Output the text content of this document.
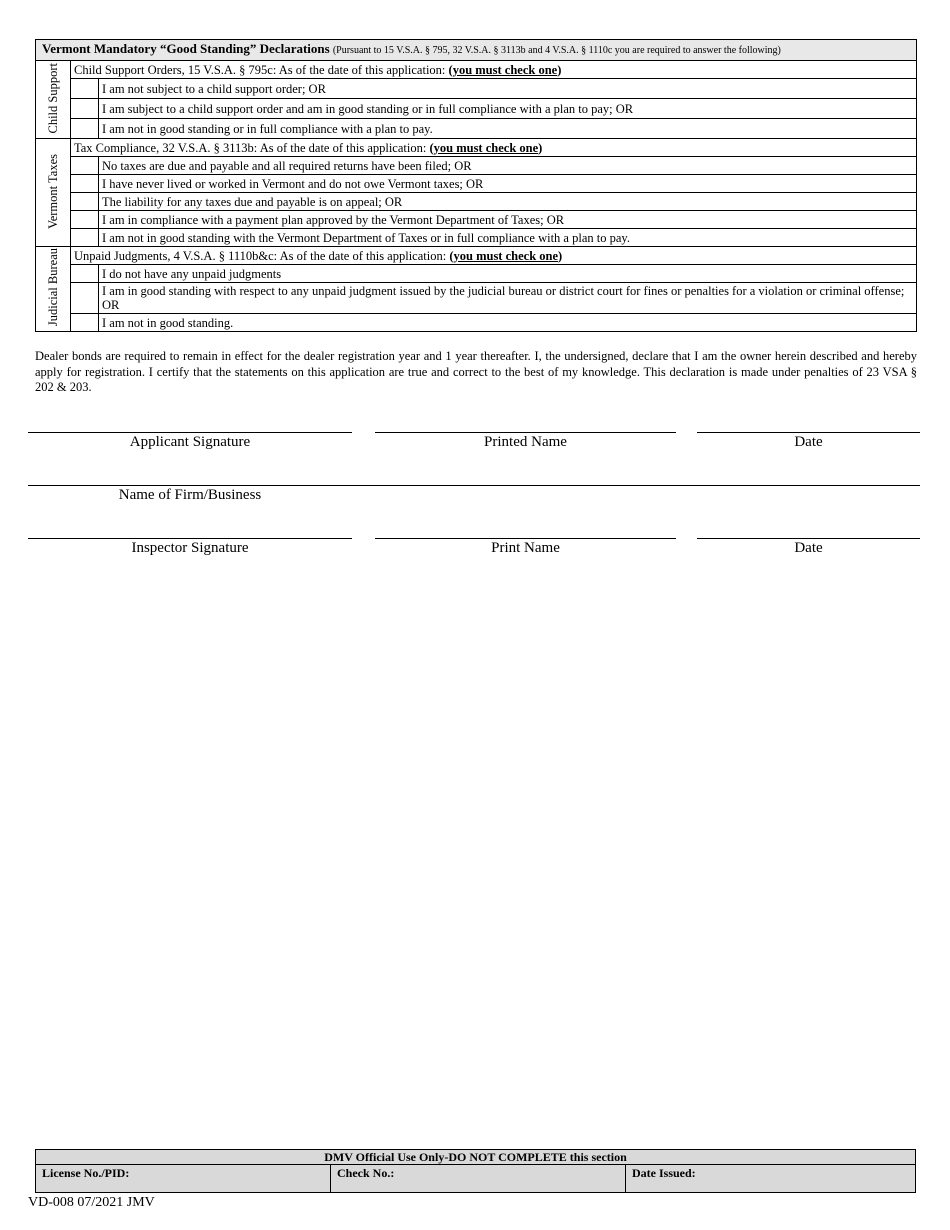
Vermont Mandatory “Good Standing” Declarations (Pursuant to 15 V.S.A. § 795, 32 V.S.A. § 3113b and 4 V.S.A. § 1110c you are required to answer the following)		
Child Support	Child Support Orders, 15 V.S.A. § 795c: As of the date of this application: (you must check one)	
		I am not subject to a child support order; OR
		I am subject to a child support order and am in good standing or in full compliance with a plan to pay; OR
		I am not in good standing or in full compliance with a plan to pay.
Vermont Taxes	Tax Compliance, 32 V.S.A. § 3113b: As of the date of this application: (you must check one)	
		No taxes are due and payable and all required returns have been filed; OR
		I have never lived or worked in Vermont and do not owe Vermont taxes; OR
		The liability for any taxes due and payable is on appeal; OR
		I am in compliance with a payment plan approved by the Vermont Department of Taxes; OR
		I am not in good standing with the Vermont Department of Taxes or in full compliance with a plan to pay.
Judicial Bureau	Unpaid Judgments, 4 V.S.A. § 1110b&c: As of the date of this application: (you must check one)	
		I do not have any unpaid judgments
		I am in good standing with respect to any unpaid judgment issued by the judicial bureau or district court for fines or penalties for a violation or criminal offense; OR
		I am not in good standing.

Dealer bonds are required to remain in effect for the dealer registration year and 1 year thereafter. I, the undersigned, declare that I am the owner herein described and hereby apply for registration. I certify that the statements on this application are true and correct to the best of my knowledge. This declaration is made under penalties of 23 VSA § 202 & 203.

Applicant Signature	Printed Name	Date
Name of Firm/Business
Inspector Signature	Print Name	Date
DMV Official Use Only-DO NOT COMPLETE this section
License No./PID:	Check No.:	Date Issued:
VD-008 07/2021 JMV
